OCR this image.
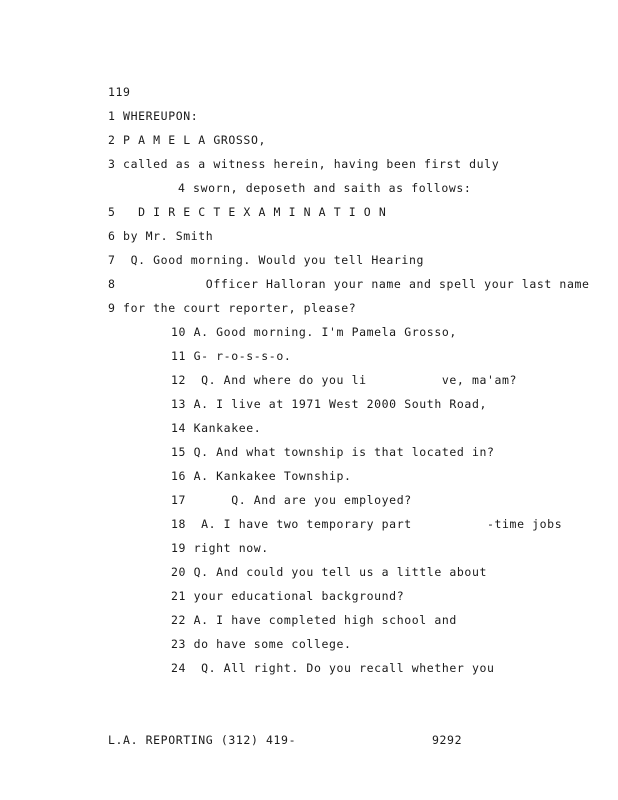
119
1 WHEREUPON:
2 P A M E L A GROSSO,
3 called as a witness herein, having been first duly
4 sworn, deposeth and saith as follows:
5   D I R E C T E X A M I N A T I O N
6 by Mr. Smith
7  Q. Good morning. Would you tell Hearing
8            Officer Halloran your name and spell your last name
9 for the court reporter, please?
10 A. Good morning. I'm Pamela Grosso,
11 G- r-o-s-s-o.
12  Q. And where do you li          ve, ma'am?
13 A. I live at 1971 West 2000 South Road,
14 Kankakee.
15 Q. And what township is that located in?
16 A. Kankakee Township.
17      Q. And are you employed?
18  A. I have two temporary part          -time jobs
19 right now.
20 Q. And could you tell us a little about
21 your educational background?
22 A. I have completed high school and
23 do have some college.
24  Q. All right. Do you recall whether you
L.A. REPORTING (312) 419-	9292
